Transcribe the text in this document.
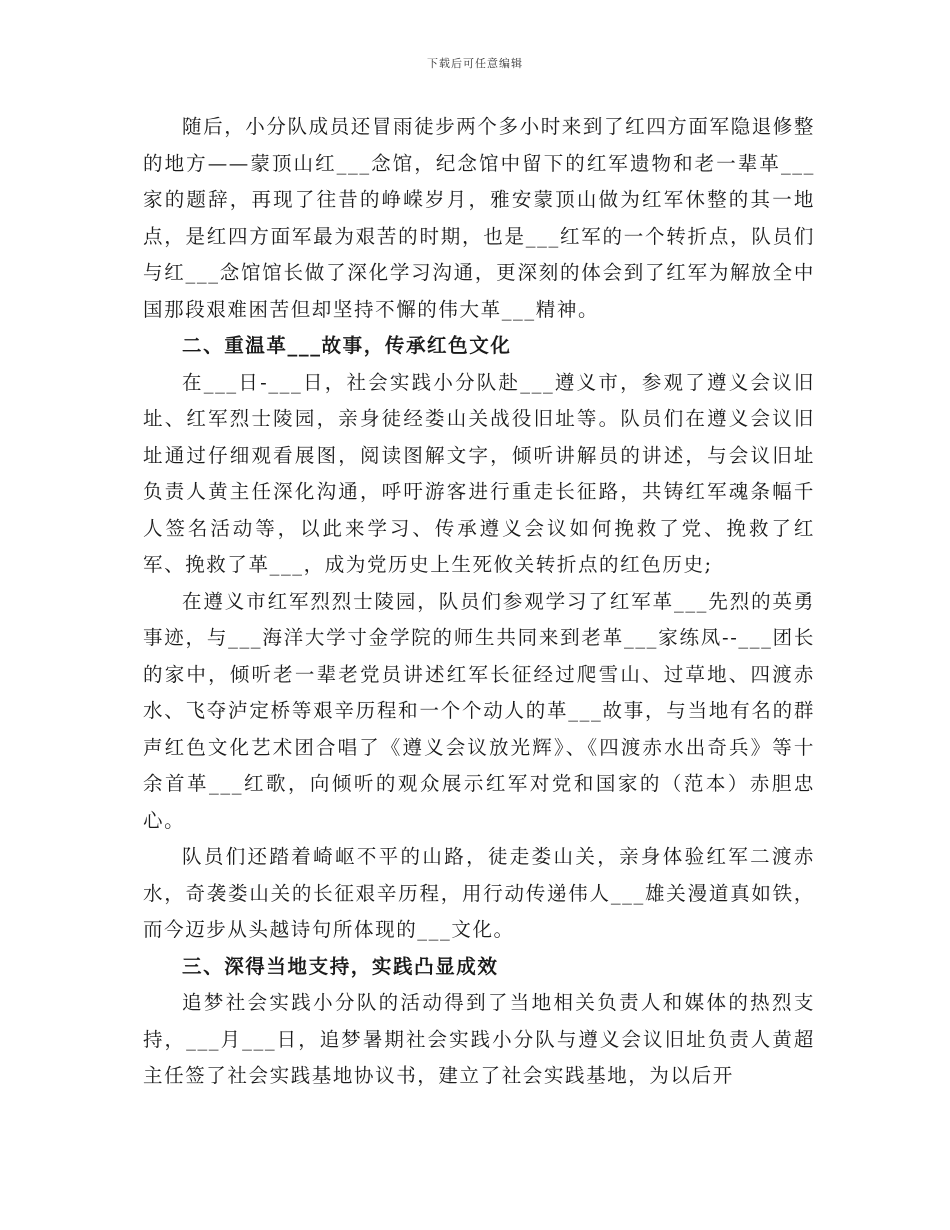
下载后可任意编辑

随后，小分队成员还冒雨徒步两个多小时来到了红四方面军隐退修整的地方——蒙顶山红___念馆，纪念馆中留下的红军遗物和老一辈革___家的题辞，再现了往昔的峥嵘岁月，雅安蒙顶山做为红军休整的其一地点，是红四方面军最为艰苦的时期，也是___红军的一个转折点，队员们与红___念馆馆长做了深化学习沟通，更深刻的体会到了红军为解放全中国那段艰难困苦但却坚持不懈的伟大革___精神。

二、重温革___故事，传承红色文化

在___日-___日，社会实践小分队赴___遵义市，参观了遵义会议旧址、红军烈士陵园，亲身徒经娄山关战役旧址等。队员们在遵义会议旧址通过仔细观看展图，阅读图解文字，倾听讲解员的讲述，与会议旧址负责人黄主任深化沟通，呼吁游客进行重走长征路，共铸红军魂条幅千人签名活动等，以此来学习、传承遵义会议如何挽救了党、挽救了红军、挽救了革___，成为党历史上生死攸关转折点的红色历史;

在遵义市红军烈烈士陵园，队员们参观学习了红军革___先烈的英勇事迹，与___海洋大学寸金学院的师生共同来到老革___家练凤--___团长的家中，倾听老一辈老党员讲述红军长征经过爬雪山、过草地、四渡赤水、飞夺泸定桥等艰辛历程和一个个动人的革___故事，与当地有名的群声红色文化艺术团合唱了《遵义会议放光辉》、《四渡赤水出奇兵》等十余首革___红歌，向倾听的观众展示红军对党和国家的（范本）赤胆忠心。

队员们还踏着崎岖不平的山路，徒走娄山关，亲身体验红军二渡赤水，奇袭娄山关的长征艰辛历程，用行动传递伟人___雄关漫道真如铁，而今迈步从头越诗句所体现的___文化。

三、深得当地支持，实践凸显成效

追梦社会实践小分队的活动得到了当地相关负责人和媒体的热烈支持，___月___日，追梦暑期社会实践小分队与遵义会议旧址负责人黄超主任签了社会实践基地协议书，建立了社会实践基地，为以后开
